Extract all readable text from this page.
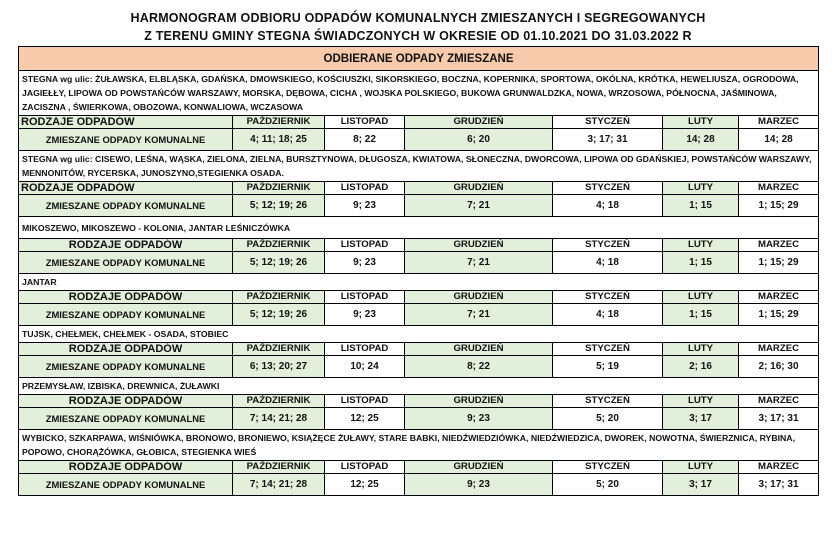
HARMONOGRAM ODBIORU ODPADÓW KOMUNALNYCH ZMIESZANYCH I SEGREGOWANYCH
Z TERENU GMINY STEGNA ŚWIADCZONYCH W OKRESIE OD 01.10.2021 DO 31.03.2022 R
ODBIERANE ODPADY ZMIESZANE						
STEGNA wg ulic: ŻUŁAWSKA, ELBLĄSKA, GDAŃSKA, DMOWSKIEGO, KOŚCIUSZKI, SIKORSKIEGO, BOCZNA, KOPERNIKA, SPORTOWA, OKÓLNA, KRÓTKA, HEWELIUSZA, OGRODOWA, JAGIEŁŁY, LIPOWA OD POWSTAŃCÓW WARSZAWY, MORSKA, DĘBOWA, CICHA , WOJSKA POLSKIEGO, BUKOWA GRUNWALDZKA, NOWA, WRZOSOWA, PÓŁNOCNA, JAŚMINOWA, ZACISZNA , ŚWIERKOWA, OBOZOWA, KONWALIOWA, WCZASOWA						
RODZAJE ODPADÓW	PAŹDZIERNIK	LISTOPAD	GRUDZIEŃ	STYCZEŃ	LUTY	MARZEC
ZMIESZANE ODPADY KOMUNALNE	4; 11; 18; 25	8; 22	6; 20	3; 17; 31	14; 28	14; 28
STEGNA wg ulic: CISEWO, LEŚNA, WĄSKA, ZIELONA, ZIELNA, BURSZTYNOWA, DŁUGOSZA, KWIATOWA, SŁONECZNA, DWORCOWA, LIPOWA OD GDAŃSKIEJ, POWSTAŃCÓW WARSZAWY, MENNONITÓW, RYCERSKA, JUNOSZYNO,STEGIENKA OSADA.						
RODZAJE ODPADÓW	PAŹDZIERNIK	LISTOPAD	GRUDZIEŃ	STYCZEŃ	LUTY	MARZEC
ZMIESZANE ODPADY KOMUNALNE	5; 12; 19; 26	9; 23	7; 21	4; 18	1; 15	1; 15; 29
MIKOSZEWO, MIKOSZEWO - KOLONIA, JANTAR LEŚNICZÓWKA						
RODZAJE ODPADÓW	PAŹDZIERNIK	LISTOPAD	GRUDZIEŃ	STYCZEŃ	LUTY	MARZEC
ZMIESZANE ODPADY KOMUNALNE	5; 12; 19; 26	9; 23	7; 21	4; 18	1; 15	1; 15; 29
JANTAR						
RODZAJE ODPADÓW	PAŹDZIERNIK	LISTOPAD	GRUDZIEŃ	STYCZEŃ	LUTY	MARZEC
ZMIESZANE ODPADY KOMUNALNE	5; 12; 19; 26	9; 23	7; 21	4; 18	1; 15	1; 15; 29
TUJSK, CHEŁMEK, CHEŁMEK - OSADA, STOBIEC						
RODZAJE ODPADÓW	PAŹDZIERNIK	LISTOPAD	GRUDZIEŃ	STYCZEŃ	LUTY	MARZEC
ZMIESZANE ODPADY KOMUNALNE	6; 13; 20; 27	10; 24	8; 22	5; 19	2; 16	2; 16; 30
PRZEMYSŁAW, IZBISKA, DREWNICA, ŻUŁAWKI						
RODZAJE ODPADÓW	PAŹDZIERNIK	LISTOPAD	GRUDZIEŃ	STYCZEŃ	LUTY	MARZEC
ZMIESZANE ODPADY KOMUNALNE	7; 14; 21; 28	12; 25	9; 23	5; 20	3; 17	3; 17; 31
WYBICKO, SZKARPAWA, WIŚNIÓWKA, BRONOWO, BRONIEWO, KSIĄŻĘCE ŻUŁAWY, STARE BABKI, NIEDŹWIEDZIÓWKA, NIEDŹWIEDZICA, DWOREK, NOWOTNA, ŚWIERZNICA, RYBINA, POPOWO, CHORĄŻÓWKA, GŁOBICA, STEGIENKA WIEŚ						
RODZAJE ODPADÓW	PAŹDZIERNIK	LISTOPAD	GRUDZIEŃ	STYCZEŃ	LUTY	MARZEC
ZMIESZANE ODPADY KOMUNALNE	7; 14; 21; 28	12; 25	9; 23	5; 20	3; 17	3; 17; 31
